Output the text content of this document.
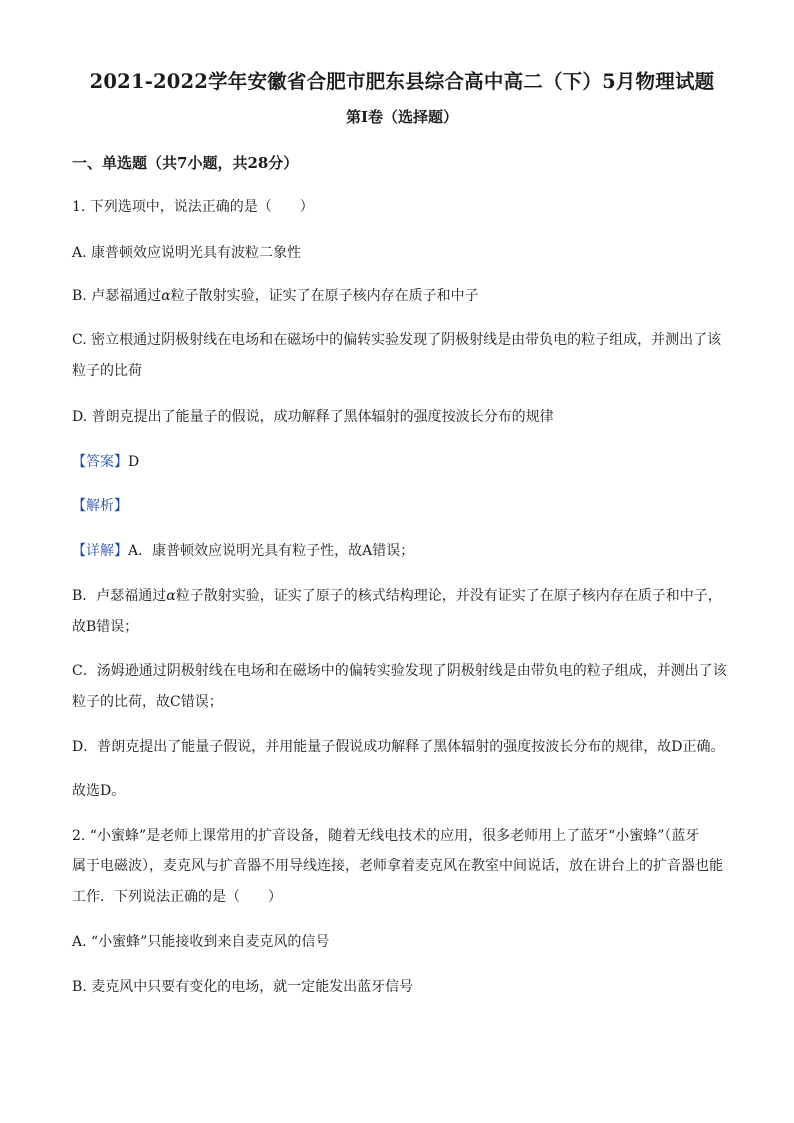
2021-2022学年安徽省合肥市肥东县综合高中高二（下）5月物理试题
第I卷（选择题）
一、单选题（共7小题，共28分）
1. 下列选项中，说法正确的是（　　）
A. 康普顿效应说明光具有波粒二象性
B. 卢瑟福通过α粒子散射实验，证实了在原子核内存在质子和中子
C. 密立根通过阴极射线在电场和在磁场中的偏转实验发现了阴极射线是由带负电的粒子组成，并测出了该
粒子的比荷
D. 普朗克提出了能量子的假说，成功解释了黑体辐射的强度按波长分布的规律
【答案】D
【解析】
【详解】A．康普顿效应说明光具有粒子性，故A错误；
B．卢瑟福通过α粒子散射实验，证实了原子的核式结构理论，并没有证实了在原子核内存在质子和中子，
故B错误；
C．汤姆逊通过阴极射线在电场和在磁场中的偏转实验发现了阴极射线是由带负电的粒子组成，并测出了该
粒子的比荷，故C错误；
D．普朗克提出了能量子假说，并用能量子假说成功解释了黑体辐射的强度按波长分布的规律，故D正确。
故选D。
2. “小蜜蜂”是老师上课常用的扩音设备，随着无线电技术的应用，很多老师用上了蓝牙“小蜜蜂”（蓝牙
属于电磁波），麦克风与扩音器不用导线连接，老师拿着麦克风在教室中间说话，放在讲台上的扩音器也能
工作．下列说法正确的是（　　）
A. “小蜜蜂”只能接收到来自麦克风的信号
B. 麦克风中只要有变化的电场，就一定能发出蓝牙信号
